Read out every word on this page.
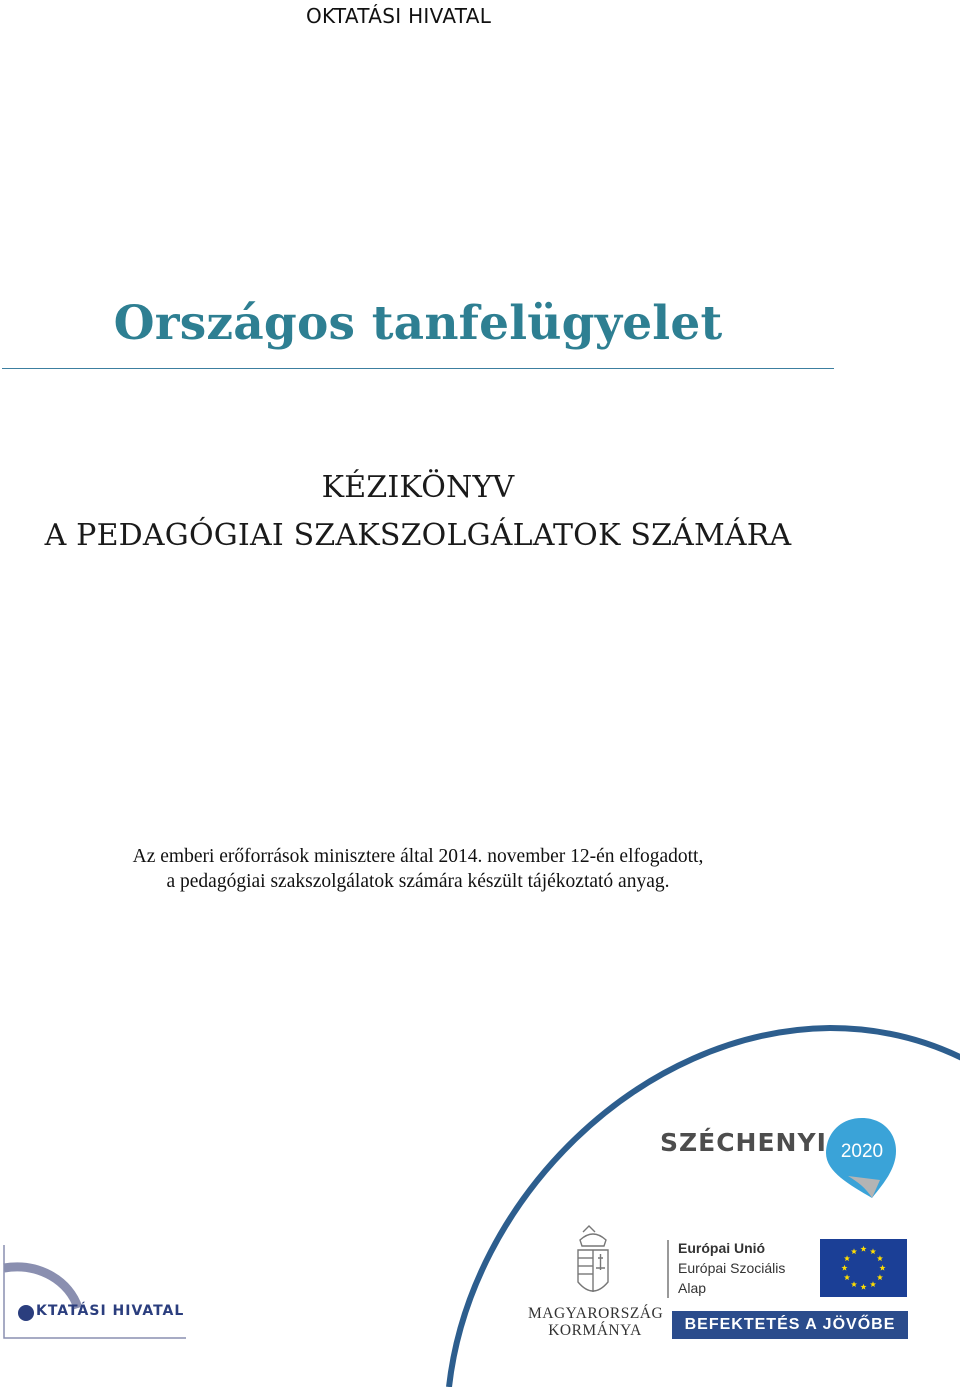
OKTATÁSI HIVATAL
Országos tanfelügyelet
KÉZIKÖNYV
A PEDAGÓGIAI SZAKSZOLGÁLATOK SZÁMÁRA
Az emberi erőforrások minisztere által 2014. november 12-én elfogadott,
a pedagógiai szakszolgálatok számára készült tájékoztató anyag.
2020
SZÉCHENYI
MAGYARORSZÁG
KORMÁNYA
Európai Unió
Európai Szociális
Alap
BEFEKTETÉS A JÖVŐBE
KTATÁSI HIVATAL
